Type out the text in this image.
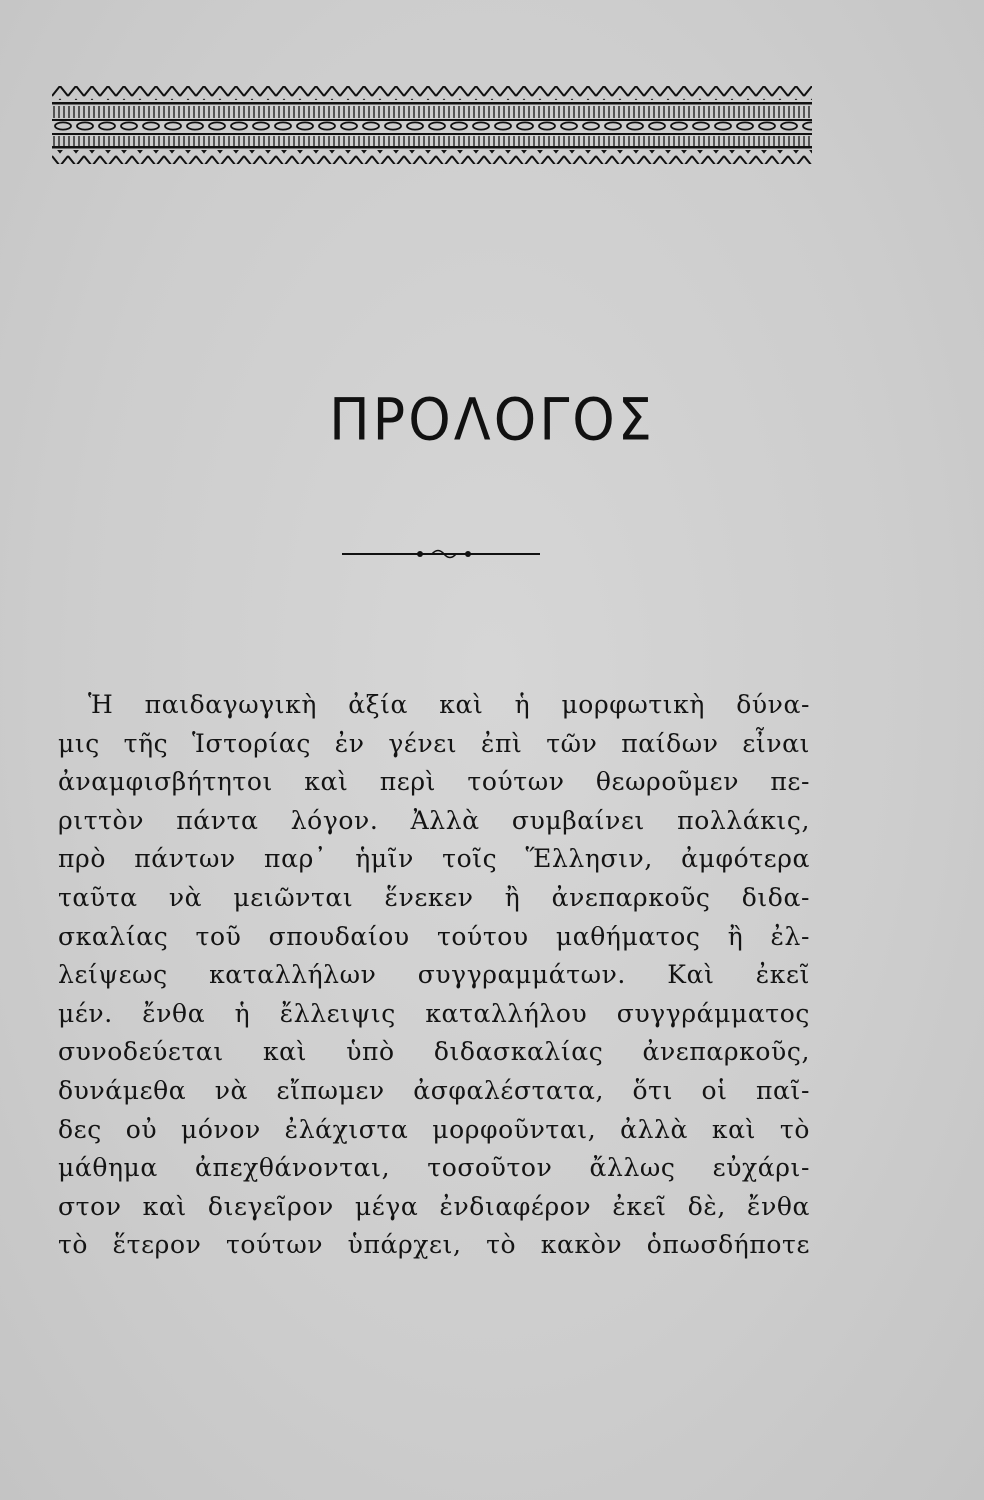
ΠΡΟΛΟΓΟΣ
Ἡ παιδαγωγικὴ ἀξία καὶ ἡ μορφωτικὴ δύνα-
μις τῆς Ἱστορίας ἐν γένει ἐπὶ τῶν παίδων εἶναι
ἀναμφισβήτητοι καὶ περὶ τούτων θεωροῦμεν πε-
ριττὸν πάντα λόγον. Ἀλλὰ συμβαίνει πολλάκις,
πρὸ πάντων παρ᾽ ἡμῖν τοῖς Ἕλλησιν, ἀμφότερα
ταῦτα νὰ μειῶνται ἕνεκεν ἢ ἀνεπαρκοῦς διδα-
σκαλίας τοῦ σπουδαίου τούτου μαθήματος ἢ ἐλ-
λείψεως καταλλήλων συγγραμμάτων. Καὶ ἐκεῖ
μέν. ἔνθα ἡ ἔλλειψις καταλλήλου συγγράμματος
συνοδεύεται καὶ ὑπὸ διδασκαλίας ἀνεπαρκοῦς,
δυνάμεθα νὰ εἴπωμεν ἀσφαλέστατα, ὅτι οἱ παῖ-
δες οὐ μόνον ἐλάχιστα μορφοῦνται, ἀλλὰ καὶ τὸ
μάθημα ἀπεχθάνονται, τοσοῦτον ἄλλως εὐχάρι-
στον καὶ διεγεῖρον μέγα ἐνδιαφέρον ἐκεῖ δὲ, ἔνθα
τὸ ἕτερον τούτων ὑπάρχει, τὸ κακὸν ὁπωσδήποτε
